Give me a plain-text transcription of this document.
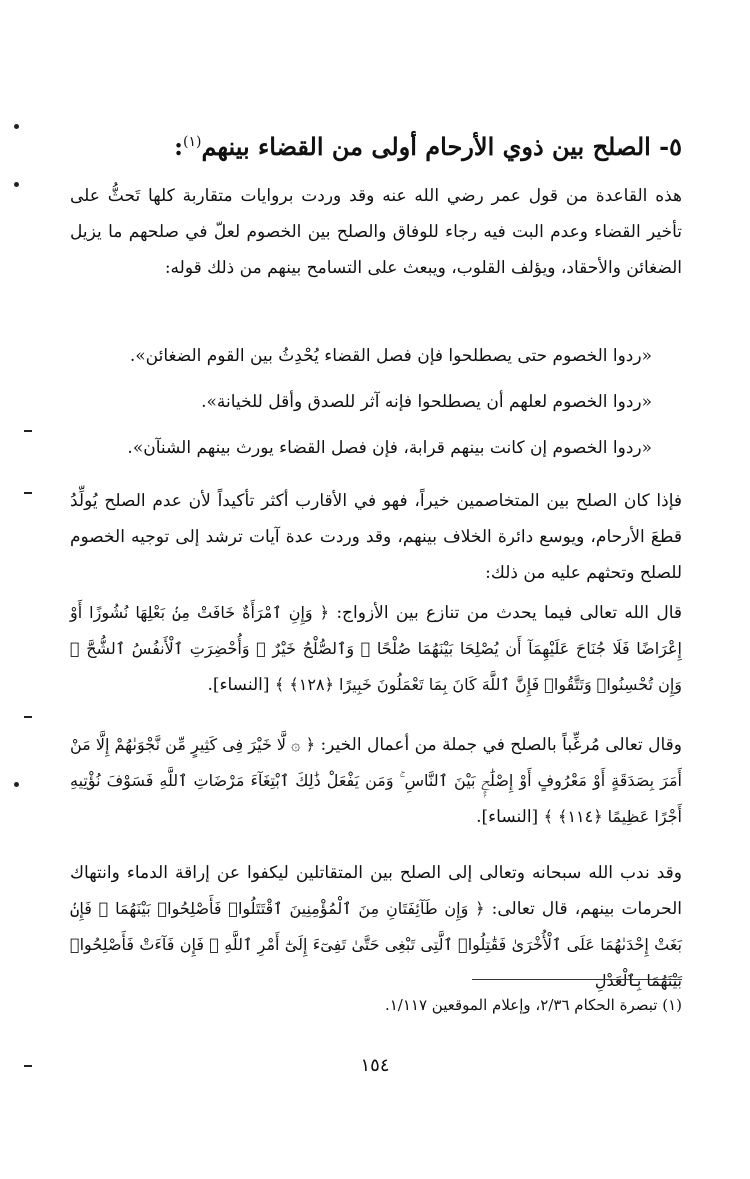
٥- الصلح بين ذوي الأرحام أولى من القضاء بينهم$^{(١)}$:
هذه القاعدة من قول عمر رضي الله عنه وقد وردت بروايات متقاربة كلها تَحثُّ على تأخير القضاء وعدم البت فيه رجاء للوفاق والصلح بين الخصوم لعلّ في صلحهم ما يزيل الضغائن والأحقاد، ويؤلف القلوب، ويبعث على التسامح بينهم من ذلك قوله:
«ردوا الخصوم حتى يصطلحوا فإن فصل القضاء يُحْدِثُ بين القوم الضغائن».
«ردوا الخصوم لعلهم أن يصطلحوا فإنه آثر للصدق وأقل للخيانة».
«ردوا الخصوم إن كانت بينهم قرابة، فإن فصل القضاء يورث بينهم الشنآن».
فإذا كان الصلح بين المتخاصمين خيراً، فهو في الأقارب أكثر تأكيداً لأن عدم الصلح يُولِّدُ قطعَ الأرحام، ويوسع دائرة الخلاف بينهم، وقد وردت عدة آيات ترشد إلى توجيه الخصوم للصلح وتحثهم عليه من ذلك:
قال الله تعالى فيما يحدث من تنازع بين الأزواج: ﴿ وَإِنِ ٱمْرَأَةٌ خَافَتْ مِنۢ بَعْلِهَا نُشُوزًا أَوْ إِعْرَاضًا فَلَا جُنَاحَ عَلَيْهِمَآ أَن يُصْلِحَا بَيْنَهُمَا صُلْحًا ۚ وَٱلصُّلْحُ خَيْرٌ ۗ وَأُحْضِرَتِ ٱلْأَنفُسُ ٱلشُّحَّ ۚ وَإِن تُحْسِنُوا۟ وَتَتَّقُوا۟ فَإِنَّ ٱللَّهَ كَانَ بِمَا تَعْمَلُونَ خَبِيرًا ﴿١٢٨﴾ ﴾ [النساء].
وقال تعالى مُرغِّباً بالصلح في جملة من أعمال الخير: ﴿ ۞ لَّا خَيْرَ فِى كَثِيرٍ مِّن نَّجْوَىٰهُمْ إِلَّا مَنْ أَمَرَ بِصَدَقَةٍ أَوْ مَعْرُوفٍ أَوْ إِصْلَٰحٍۭ بَيْنَ ٱلنَّاسِ ۚ وَمَن يَفْعَلْ ذَٰلِكَ ٱبْتِغَآءَ مَرْضَاتِ ٱللَّهِ فَسَوْفَ نُؤْتِيهِ أَجْرًا عَظِيمًا ﴿١١٤﴾ ﴾ [النساء].
وقد ندب الله سبحانه وتعالى إلى الصلح بين المتقاتلين ليكفوا عن إراقة الدماء وانتهاك الحرمات بينهم، قال تعالى: ﴿ وَإِن طَآئِفَتَانِ مِنَ ٱلْمُؤْمِنِينَ ٱقْتَتَلُوا۟ فَأَصْلِحُوا۟ بَيْنَهُمَا ۖ فَإِنۢ بَغَتْ إِحْدَىٰهُمَا عَلَى ٱلْأُخْرَىٰ فَقَٰتِلُوا۟ ٱلَّتِى تَبْغِى حَتَّىٰ تَفِىٓءَ إِلَىٰٓ أَمْرِ ٱللَّهِ ۚ فَإِن فَآءَتْ فَأَصْلِحُوا۟ بَيْنَهُمَا بِٱلْعَدْلِ
(١) تبصرة الحكام ٢/٣٦، وإعلام الموقعين ١/١١٧.
١٥٤
